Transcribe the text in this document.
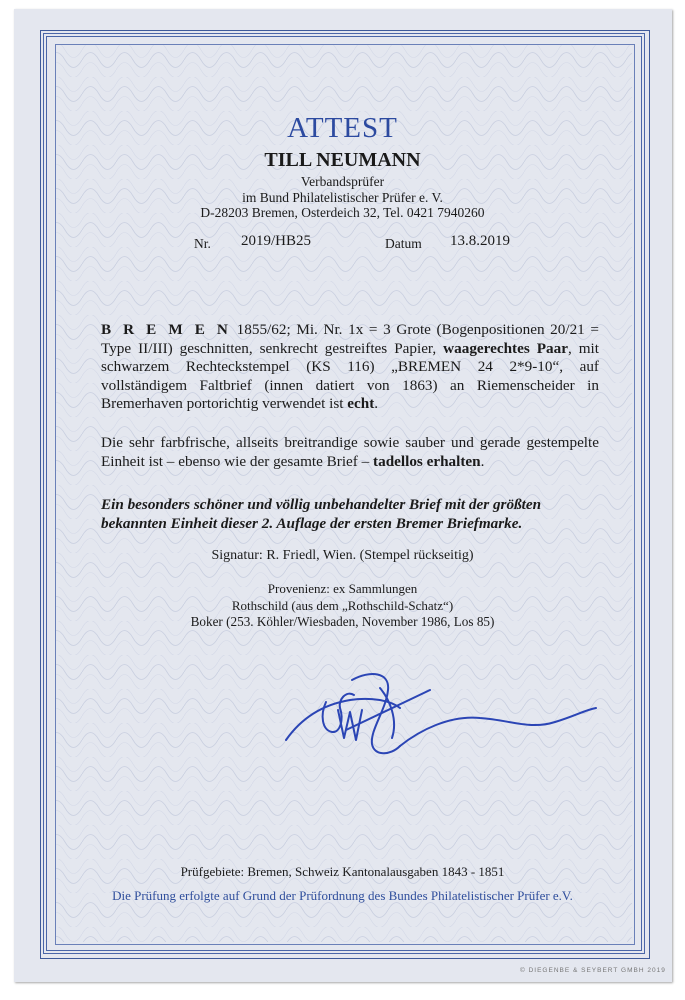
ATTEST
TILL NEUMANN
Verbandsprüfer
im Bund Philatelistischer Prüfer e. V.
D-28203 Bremen, Osterdeich 32, Tel. 0421 7940260
Nr. 2019/HB25	Datum 13.8.2019
B R E M E N 1855/62; Mi. Nr. 1x = 3 Grote (Bogenpositionen 20/21 = Type II/III) geschnitten, senkrecht gestreiftes Papier, waagerechtes Paar, mit schwarzem Rechteckstempel (KS 116) „BREMEN 24 2*9-10“, auf vollständigem Faltbrief (innen datiert von 1863) an Riemenscheider in Bremerhaven portorichtig verwendet ist echt.
Die sehr farbfrische, allseits breitrandige sowie sauber und gerade gestempelte Einheit ist – ebenso wie der gesamte Brief – tadellos erhalten.
Ein besonders schöner und völlig unbehandelter Brief mit der größten
bekannten Einheit dieser 2. Auflage der ersten Bremer Briefmarke.
Signatur: R. Friedl, Wien. (Stempel rückseitig)
Provenienz: ex Sammlungen
Rothschild (aus dem „Rothschild-Schatz“)
Boker (253. Köhler/Wiesbaden, November 1986, Los 85)
Prüfgebiete: Bremen, Schweiz Kantonalausgaben 1843 - 1851
Die Prüfung erfolgte auf Grund der Prüfordnung des Bundes Philatelistischer Prüfer e.V.
© DIEGENBE & SEYBERT GMBH 2019
